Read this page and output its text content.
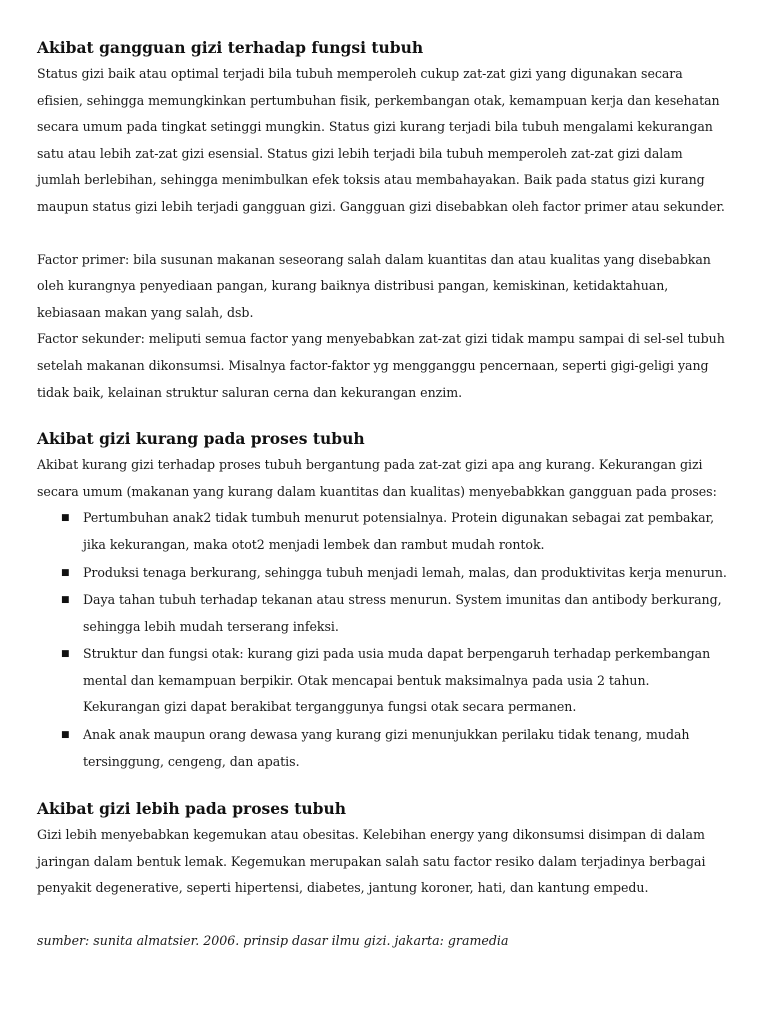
Akibat gangguan gizi terhadap fungsi tubuh

Status gizi baik atau optimal terjadi bila tubuh memperoleh cukup zat-zat gizi yang digunakan secara efisien, sehingga memungkinkan pertumbuhan fisik, perkembangan otak, kemampuan kerja dan kesehatan secara umum pada tingkat setinggi mungkin. Status gizi kurang terjadi bila tubuh mengalami kekurangan satu atau lebih zat-zat gizi esensial. Status gizi lebih terjadi bila tubuh memperoleh zat-zat gizi dalam jumlah berlebihan, sehingga menimbulkan efek toksis atau membahayakan. Baik pada status gizi kurang maupun status gizi lebih terjadi gangguan gizi. Gangguan gizi disebabkan oleh factor primer atau sekunder.

Factor primer: bila susunan makanan seseorang salah dalam kuantitas dan atau kualitas yang disebabkan oleh kurangnya penyediaan pangan, kurang baiknya distribusi pangan, kemiskinan, ketidaktahuan, kebiasaan makan yang salah, dsb.

Factor sekunder: meliputi semua factor yang menyebabkan zat-zat gizi tidak mampu sampai di sel-sel tubuh setelah makanan dikonsumsi. Misalnya factor-faktor yg mengganggu pencernaan, seperti gigi-geligi yang tidak baik, kelainan struktur saluran cerna dan kekurangan enzim.

Akibat gizi kurang pada proses tubuh

Akibat kurang gizi terhadap proses tubuh bergantung pada zat-zat gizi apa ang kurang. Kekurangan gizi secara umum (makanan yang kurang dalam kuantitas dan kualitas) menyebabkkan gangguan pada proses:

■ Pertumbuhan anak2 tidak tumbuh menurut potensialnya. Protein digunakan sebagai zat pembakar, jika kekurangan, maka otot2 menjadi lembek dan rambut mudah rontok.
■ Produksi tenaga berkurang, sehingga tubuh menjadi lemah, malas, dan produktivitas kerja menurun.
■ Daya tahan tubuh terhadap tekanan atau stress menurun. System imunitas dan antibody berkurang, sehingga lebih mudah terserang infeksi.
■ Struktur dan fungsi otak: kurang gizi pada usia muda dapat berpengaruh terhadap perkembangan mental dan kemampuan berpikir. Otak mencapai bentuk maksimalnya pada usia 2 tahun. Kekurangan gizi dapat berakibat terganggunya fungsi otak secara permanen.
■ Anak anak maupun orang dewasa yang kurang gizi menunjukkan perilaku tidak tenang, mudah tersinggung, cengeng, dan apatis.
Akibat gizi lebih pada proses tubuh

Gizi lebih menyebabkan kegemukan atau obesitas. Kelebihan energy yang dikonsumsi disimpan di dalam jaringan dalam bentuk lemak. Kegemukan merupakan salah satu factor resiko dalam terjadinya berbagai penyakit degenerative, seperti hipertensi, diabetes, jantung koroner, hati, dan kantung empedu.

sumber: sunita almatsier. 2006. prinsip dasar ilmu gizi. jakarta: gramedia
